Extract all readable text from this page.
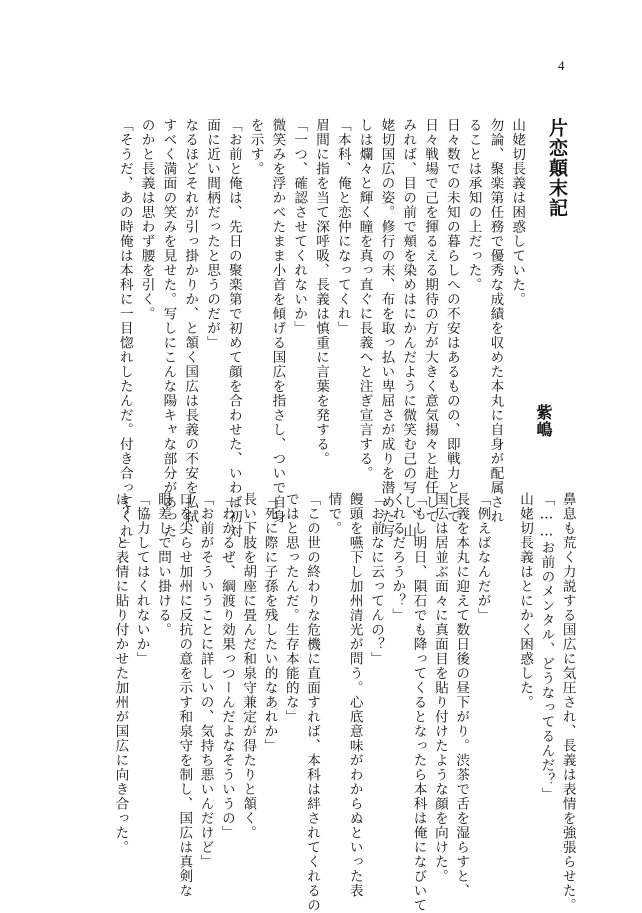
4
片恋顛末記
紫嶋
山姥切長義は困惑していた。
勿論、聚楽第任務で優秀な成績を収めた本丸に自身が配属され
ることは承知の上だった。
日々数での未知の暮らしへの不安はあるものの、即戦力として
日々戦場で己を揮るえる期待の方が大きく意気揚々と赴任して
みれば、目の前で頬を染めはにかんだように微笑む己の写し、山
姥切国広の姿。修行の末、布を取っ払い卑屈さが成りを潜めた写
しは爛々と輝く瞳を真っ直ぐに長義へと注ぎ宣言する。
「本科、俺と恋仲になってくれ」
眉間に指を当て深呼吸、長義は慎重に言葉を発する。
「一つ、確認させてくれないか」
微笑みを浮かべたまま小首を傾げる国広を指さし、ついで自身
を示す。
「お前と俺は、先日の聚楽第で初めて顔を合わせた、いわば初対
面に近い間柄だったと思うのだが」
なるほどそれが引っ掛かりか、と頷く国広は長義の不安を払拭
すべく満面の笑みを見せた。写しにこんな陽キャな部分があった
のかと長義は思わず腰を引く。
「そうだ、あの時俺は本科に一目惚れしたんだ。付き合ってくれ」
鼻息も荒く力説する国広に気圧され、長義は表情を強張らせた。
「……お前のメンタル、どうなってるんだ？」
山姥切長義はとにかく困惑した。
「例えばなんだが」
長義を本丸に迎えて数日後の昼下がり。渋茶で舌を湿らすと、
国広は居並ぶ面々に真面目を貼り付けたような顔を向けた。
「もし明日、隕石でも降ってくるとなったら本科は俺になびいて
くれるだろうか？」
「お前なに云ってんの？」
饅頭を嚥下し加州清光が問う。心底意味がわからぬといった表
情で。
「この世の終わりな危機に直面すれば、本科は絆されてくれるの
ではと思ったんだ。生存本能的な」
「死に際に子孫を残したい的なあれか」
長い下肢を胡座に畳んだ和泉守兼定が得たりと頷く。
「わかるぜ、綱渡り効果っつーんだよなそういうの」
「お前がそういうことに詳しいの、気持ち悪いんだけど」
口を尖らせ加州に反抗の意を示す和泉守を制し、国広は真剣な
眼差しで問い掛ける。
「協力してはくれないか」
は？　と表情に貼り付かせた加州が国広に向き合った。
